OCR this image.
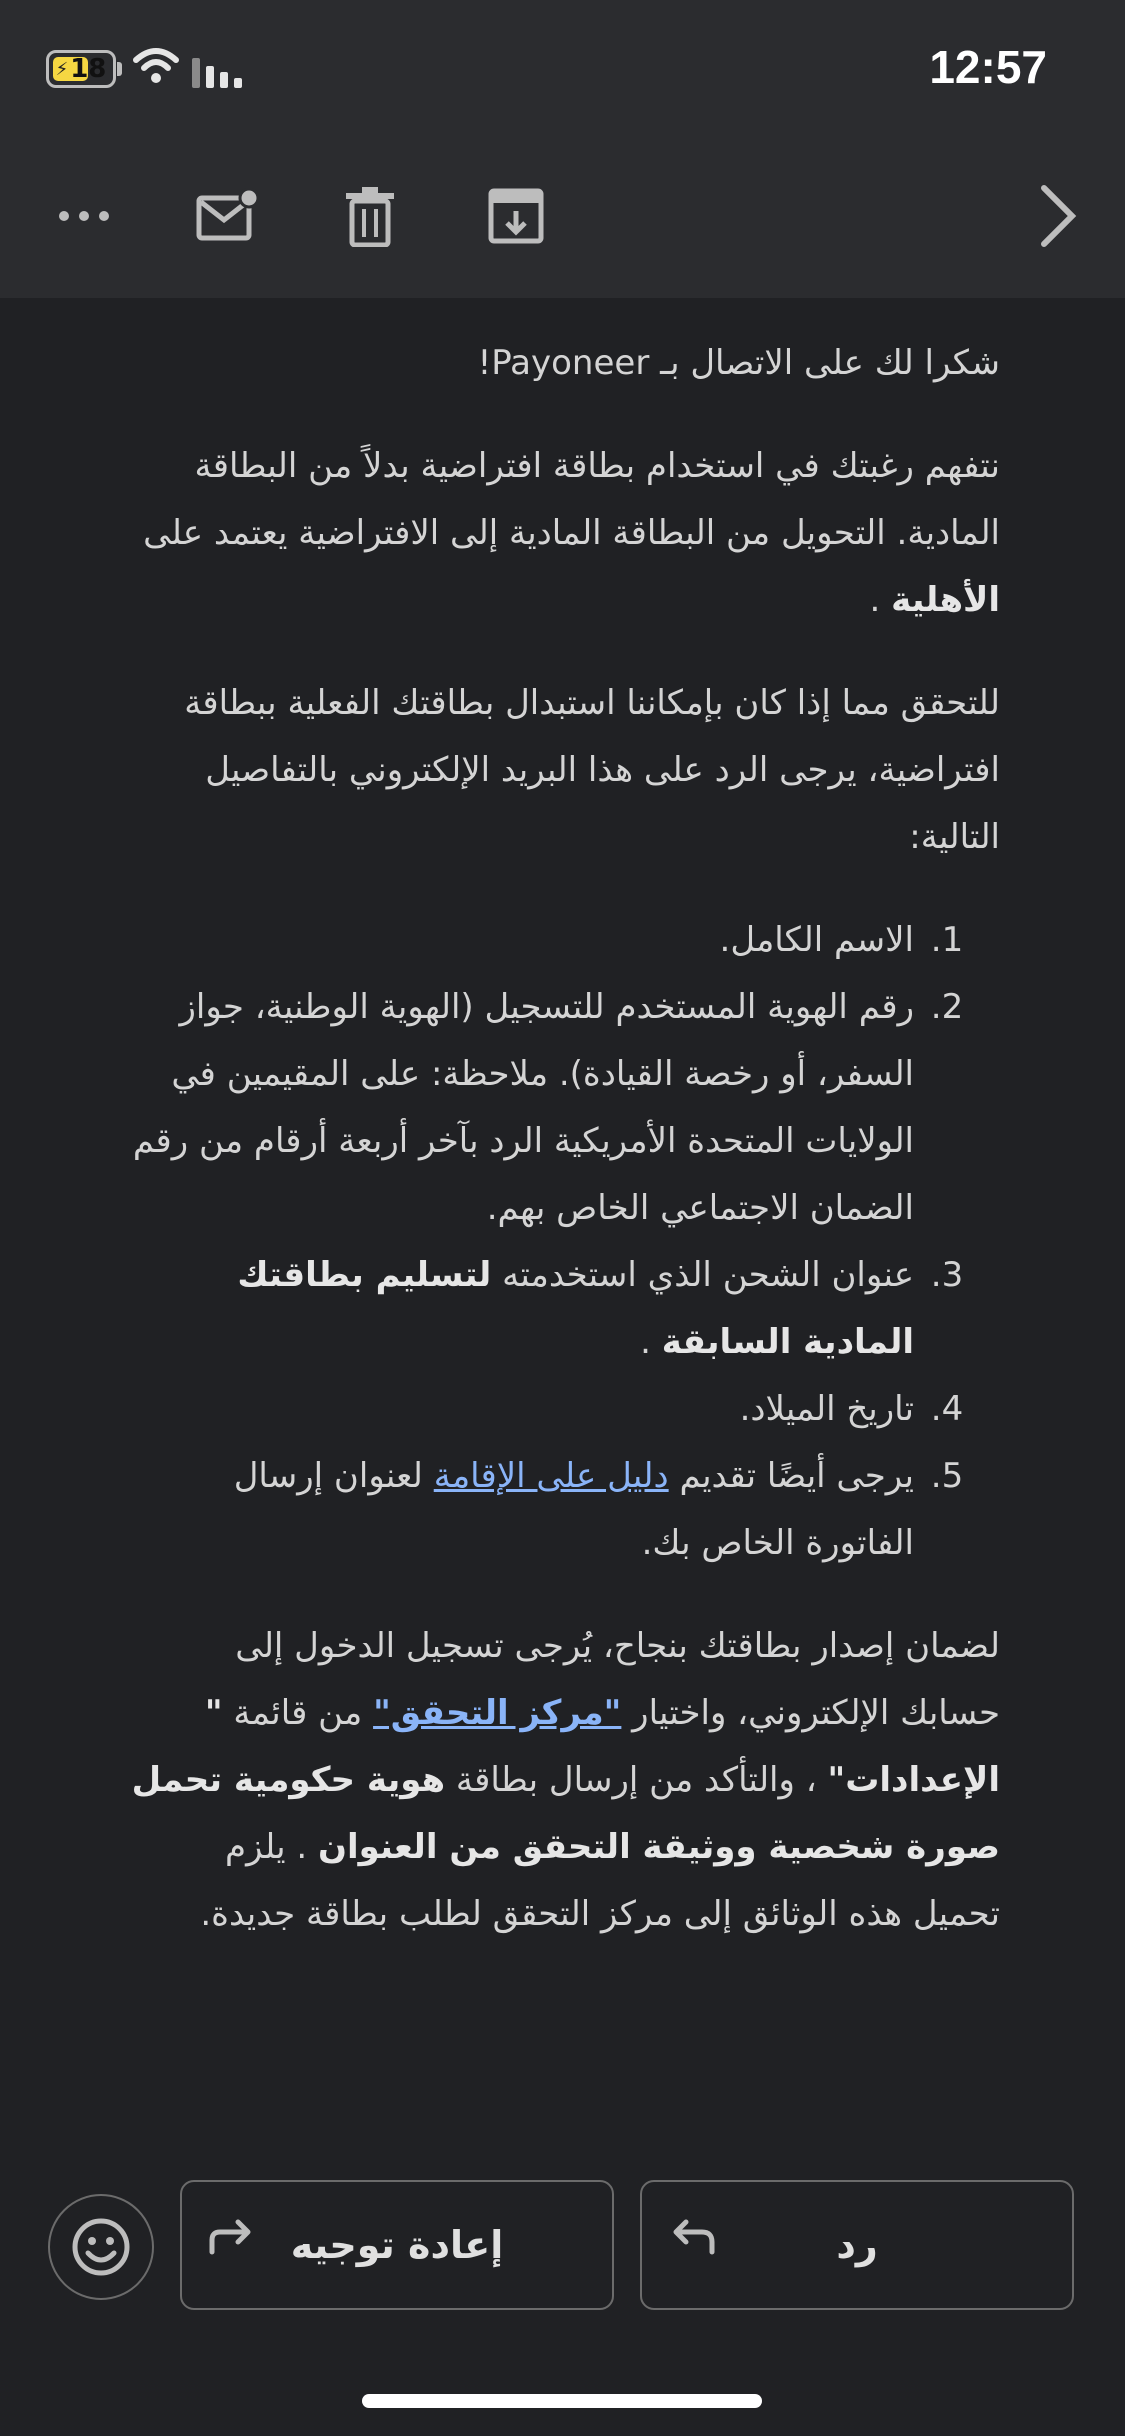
⚡ 18	12:57

شكرا لك على الاتصال بـ Payoneer!

نتفهم رغبتك في استخدام بطاقة افتراضية بدلاً من البطاقة المادية. التحويل من البطاقة المادية إلى الافتراضية يعتمد على الأهلية .

للتحقق مما إذا كان بإمكاننا استبدال بطاقتك الفعلية ببطاقة افتراضية، يرجى الرد على هذا البريد الإلكتروني بالتفاصيل التالية:

1. الاسم الكامل.
2. رقم الهوية المستخدم للتسجيل (الهوية الوطنية، جواز السفر، أو رخصة القيادة). ملاحظة: على المقيمين في الولايات المتحدة الأمريكية الرد بآخر أربعة أرقام من رقم الضمان الاجتماعي الخاص بهم.
3. عنوان الشحن الذي استخدمته لتسليم بطاقتك المادية السابقة .
4. تاريخ الميلاد.
5. يرجى أيضًا تقديم دليل على الإقامة لعنوان إرسال الفاتورة الخاص بك.

لضمان إصدار بطاقتك بنجاح، يُرجى تسجيل الدخول إلى حسابك الإلكتروني، واختيار "مركز التحقق" من قائمة " الإعدادات" ، والتأكد من إرسال بطاقة هوية حكومية تحمل صورة شخصية ووثيقة التحقق من العنوان . يلزم تحميل هذه الوثائق إلى مركز التحقق لطلب بطاقة جديدة.

إعادة توجيه	رد
